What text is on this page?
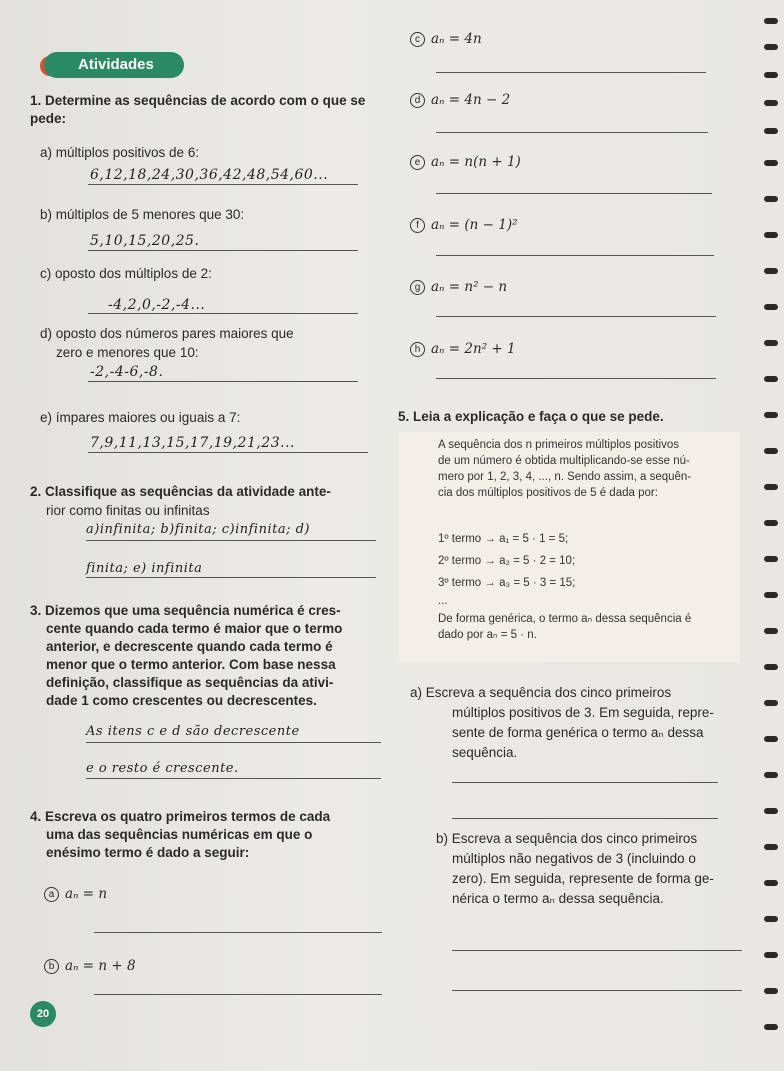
Atividades
1. Determine as sequências de acordo com o que se pede:
a) múltiplos positivos de 6:
6,12,18,24,30,36,42,48,54,60...
b) múltiplos de 5 menores que 30:
5,10,15,20,25.
c) oposto dos múltiplos de 2:
-4,2,0,-2,-4...
d) oposto dos números pares maiores que
zero e menores que 10:
-2,-4-6,-8.
e) ímpares maiores ou iguais a 7:
7,9,11,13,15,17,19,21,23...
2. Classifique as sequências da atividade ante-
rior como finitas ou infinitas
a)infinita; b)finita; c)infinita; d)
finita; e) infinita
3. Dizemos que uma sequência numérica é cres-
cente quando cada termo é maior que o termo
anterior, e decrescente quando cada termo é
menor que o termo anterior. Com base nessa
definição, classifique as sequências da ativi-
dade 1 como crescentes ou decrescentes.
As itens c e d são decrescente
e o resto é crescente.
4. Escreva os quatro primeiros termos de cada
uma das sequências numéricas em que o
enésimo termo é dado a seguir:
a aₙ = n
b aₙ = n + 8
c aₙ = 4n
d aₙ = 4n − 2
e aₙ = n(n + 1)
f aₙ = (n − 1)²
g aₙ = n² − n
h aₙ = 2n² + 1
5. Leia a explicação e faça o que se pede.

A sequência dos n primeiros múltiplos positivos

de um número é obtida multiplicando-se esse nú-

mero por 1, 2, 3, 4, ..., n. Sendo assim, a sequên-

cia dos múltiplos positivos de 5 é dada por:

1º termo → a₁ = 5 · 1 = 5;

2º termo → a₂ = 5 · 2 = 10;

3º termo → a₃ = 5 · 3 = 15;

...

De forma genérica, o termo aₙ dessa sequência é

dado por aₙ = 5 · n.

a) Escreva a sequência dos cinco primeiros
múltiplos positivos de 3. Em seguida, repre-
sente de forma genérica o termo aₙ dessa
sequência.
b) Escreva a sequência dos cinco primeiros
múltiplos não negativos de 3 (incluindo o
zero). Em seguida, represente de forma ge-
nérica o termo aₙ dessa sequência.
20
